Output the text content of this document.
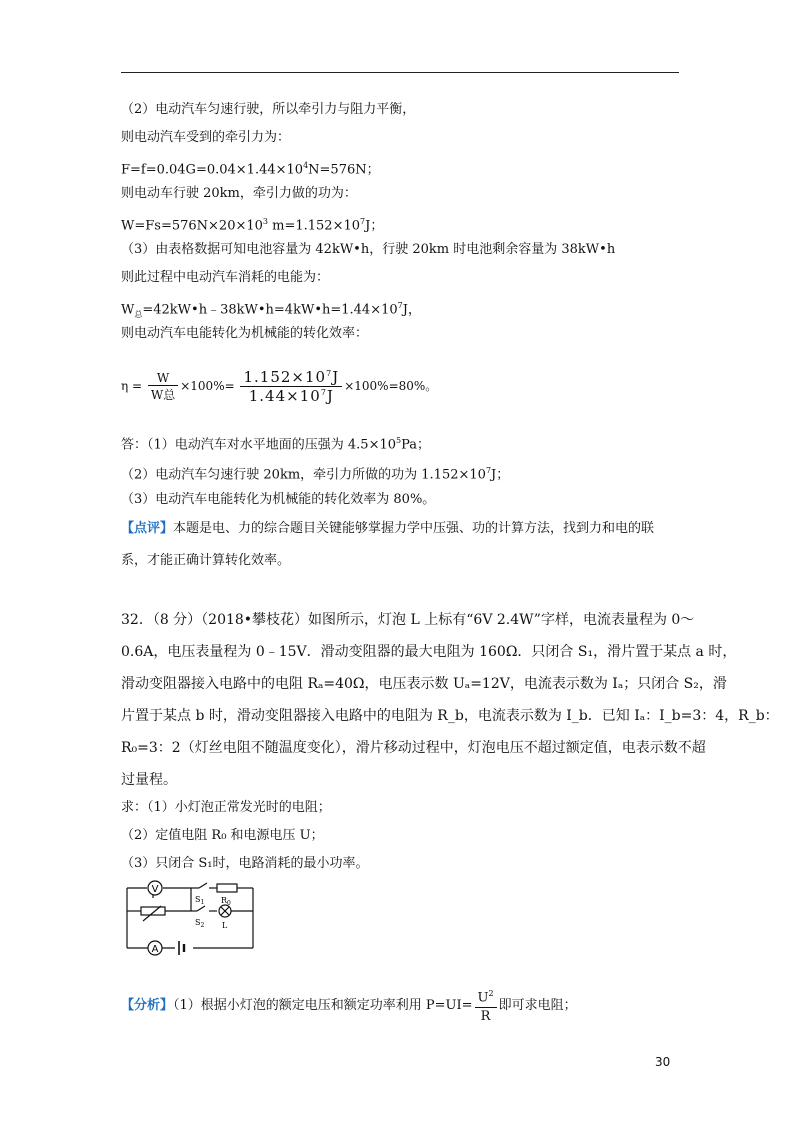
（2）电动汽车匀速行驶，所以牵引力与阻力平衡，
则电动汽车受到的牵引力为：
$F=f=0.04G=0.04\times 1.44\times 10^4N=576N$；
则电动车行驶 20km，牵引力做的功为：
$W=Fs=576N\times 20\times 10^3$ $m=1.152\times 10^7J$；
（3）由表格数据可知电池容量为 42kW•h，行驶 20km 时电池剩余容量为 38kW•h
则此过程中电动汽车消耗的电能为：
$W_总=42kW•h﹣38kW•h=4kW•h=1.44\times 10^7J$，
则电动汽车电能转化为机械能的转化效率：
$\eta = \frac{W}{\text{W总}} \times 100\%= \frac{1.152\times 10^7J}{1.44\times 10^7J} \times 100\%=80\%$。
答：（1）电动汽车对水平地面的压强为 $4.5\times 10^5Pa$；
（2）电动汽车匀速行驶 20km，牵引力所做的功为 $1.152\times 10^7J$；
（3）电动汽车电能转化为机械能的转化效率为 80%。
【点评】本题是电、力的综合题目关键能够掌握力学中压强、功的计算方法，找到力和电的联
系，才能正确计算转化效率。
32．（8 分）（2018•攀枝花）如图所示，灯泡 L 上标有“6V 2.4W”字样，电流表量程为 0～
0.6A，电压表量程为 0﹣15V．滑动变阻器的最大电阻为 160Ω．只闭合 S₁，滑片置于某点 a 时，
滑动变阻器接入电路中的电阻 Rₐ=40Ω，电压表示数 Uₐ=12V，电流表示数为 Iₐ；只闭合 S₂，滑
片置于某点 b 时，滑动变阻器接入电路中的电阻为 R_b，电流表示数为 I_b．已知 Iₐ：I_b=3：4，R_b：
R₀=3：2（灯丝电阻不随温度变化），滑片移动过程中，灯泡电压不超过额定值，电表示数不超
过量程。
求：（1）小灯泡正常发光时的电阻；
（2）定值电阻 R₀ 和电源电压 U；
（3）只闭合 S₁时，电路消耗的最小功率。
V
A
$S_1$
$S_2$
$R_0$
L
【分析】（1）根据小灯泡的额定电压和额定功率利用 $P=UI= \frac{U^2}{R}$ 即可求电阻；
30
